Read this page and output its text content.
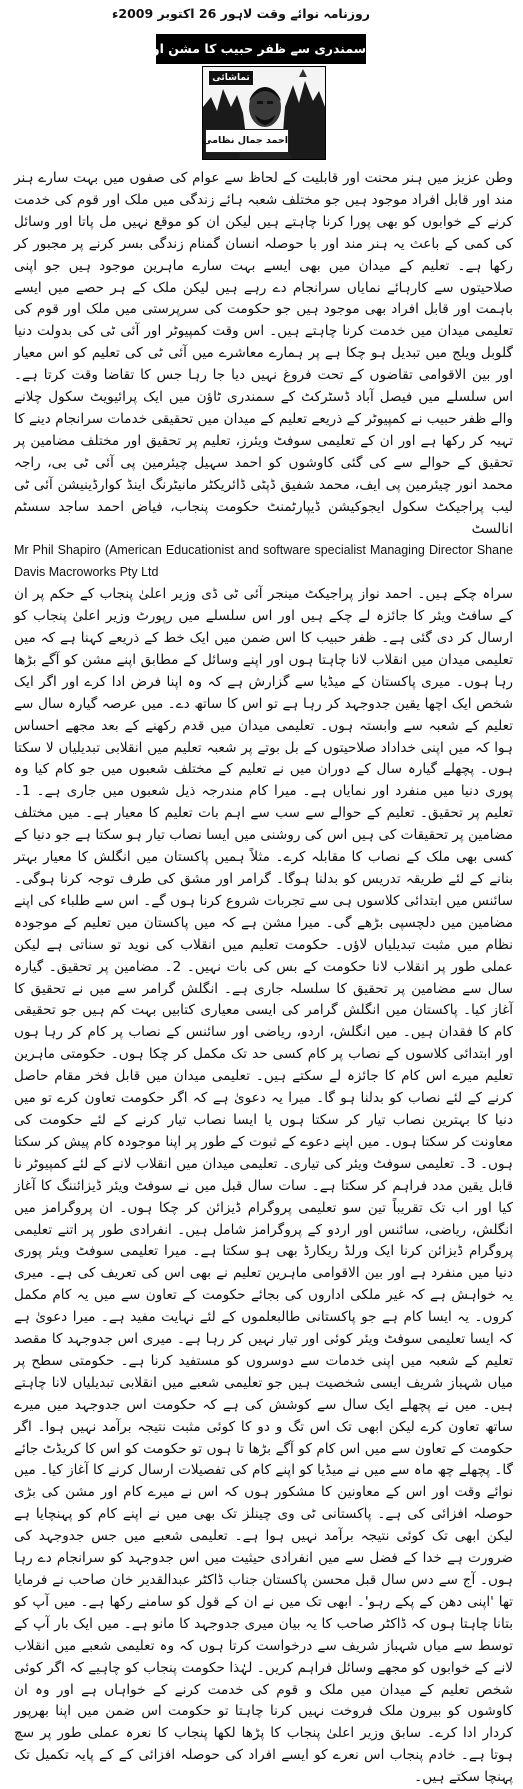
روزنامہ نوائے وقت لاہور 26 اکتوبر 2009ء
سمندری سے ظفر حبیب کا مشن اور حکومت پنجاب
تماشائی
احمد جمال نظامی

وطن عزیز میں ہنر محنت اور قابلیت کے لحاظ سے عوام کی صفوں میں بہت سارے ہنر مند اور قابل افراد موجود ہیں جو مختلف شعبہ ہائے زندگی میں ملک اور قوم کی خدمت کرنے کے خوابوں کو بھی پورا کرنا چاہتے ہیں لیکن ان کو موقع نہیں مل پاتا اور وسائل کی کمی کے باعث یہ ہنر مند اور با حوصلہ انسان گمنام زندگی بسر کرنے پر مجبور کر رکھا ہے۔ تعلیم کے میدان میں بھی ایسے بہت سارے ماہرین موجود ہیں جو اپنی صلاحیتوں سے کارہائے نمایاں سرانجام دے رہے ہیں لیکن ملک کے ہر حصے میں ایسے باہمت اور قابل افراد بھی موجود ہیں جو حکومت کی سرپرستی میں ملک اور قوم کی تعلیمی میدان میں خدمت کرنا چاہتے ہیں۔ اس وقت کمپیوٹر اور آئی ٹی کی بدولت دنیا گلوبل ویلج میں تبدیل ہو چکا ہے پر ہمارے معاشرے میں آئی ٹی کی تعلیم کو اس معیار اور بین الاقوامی تقاضوں کے تحت فروغ نہیں دیا جا رہا جس کا تقاضا وقت کرتا ہے۔ اس سلسلے میں فیصل آباد ڈسٹرکٹ کے سمندری ٹاؤن میں ایک پرائیویٹ سکول چلانے والے ظفر حبیب نے کمپیوٹر کے ذریعے تعلیم کے میدان میں تحقیقی خدمات سرانجام دینے کا تہیہ کر رکھا ہے اور ان کے تعلیمی سوفٹ ویئرز، تعلیم پر تحقیق اور مختلف مضامین پر تحقیق کے حوالے سے کی گئی کاوشوں کو احمد سہیل چیئرمین پی آئی ٹی بی، راجہ محمد انور چیئرمین پی ایف، محمد شفیق ڈپٹی ڈائریکٹر مانیٹرنگ اینڈ کوارڈینیشن آئی ٹی لیب پراجیکٹ سکول ایجوکیشن ڈیپارٹمنٹ حکومت پنجاب، فیاض احمد ساجد سسٹم انالسٹ

Mr Phil Shapiro (American Educationist and software specialist Managing Director Shane Davis Macroworks Pty Ltd

سراہ چکے ہیں۔ احمد نواز پراجیکٹ مینجر آئی ٹی ڈی وزیر اعلیٰ پنجاب کے حکم پر ان کے سافٹ ویئر کا جائزہ لے چکے ہیں اور اس سلسلے میں رپورٹ وزیر اعلیٰ پنجاب کو ارسال کر دی گئی ہے۔ ظفر حبیب کا اس ضمن میں ایک خط کے ذریعے کہنا ہے کہ میں تعلیمی میدان میں انقلاب لانا چاہتا ہوں اور اپنے وسائل کے مطابق اپنے مشن کو آگے بڑھا رہا ہوں۔ میری پاکستان کے میڈیا سے گزارش ہے کہ وہ اپنا فرض ادا کرے اور اگر ایک شخص ایک اچھا یقین جدوجہد کر رہا ہے تو اس کا ساتھ دے۔ میں عرصہ گیارہ سال سے تعلیم کے شعبہ سے وابستہ ہوں۔ تعلیمی میدان میں قدم رکھنے کے بعد مجھے احساس ہوا کہ میں اپنی خداداد صلاحیتوں کے بل بوتے پر شعبہ تعلیم میں انقلابی تبدیلیاں لا سکتا ہوں۔ پچھلے گیارہ سال کے دوران میں نے تعلیم کے مختلف شعبوں میں جو کام کیا وہ پوری دنیا میں منفرد اور نمایاں ہے۔ میرا کام مندرجہ ذیل شعبوں میں جاری ہے۔ 1۔ تعلیم پر تحقیق۔ تعلیم کے حوالے سے سب سے اہم بات تعلیم کا معیار ہے۔ میں مختلف مضامین پر تحقیقات کی ہیں اس کی روشنی میں ایسا نصاب تیار ہو سکتا ہے جو دنیا کے کسی بھی ملک کے نصاب کا مقابلہ کرے۔ مثلاً ہمیں پاکستان میں انگلش کا معیار بہتر بنانے کے لئے طریقہ تدریس کو بدلنا ہوگا۔ گرامر اور مشق کی طرف توجہ کرنا ہوگی۔ سائنس میں ابتدائی کلاسوں ہی سے تجربات شروع کرنا ہوں گے۔ اس سے طلباء کی اپنے مضامین میں دلچسپی بڑھے گی۔ میرا مشن ہے کہ میں پاکستان میں تعلیم کے موجودہ نظام میں مثبت تبدیلیاں لاؤں۔ حکومت تعلیم میں انقلاب کی نوید تو سناتی ہے لیکن عملی طور پر انقلاب لانا حکومت کے بس کی بات نہیں۔ 2۔ مضامین پر تحقیق۔ گیارہ سال سے مضامین پر تحقیق کا سلسلہ جاری ہے۔ انگلش گرامر سے میں نے تحقیق کا آغاز کیا۔ پاکستان میں انگلش گرامر کی ایسی معیاری کتابیں بہت کم ہیں جو تحقیقی کام کا فقدان ہیں۔ میں انگلش، اردو، ریاضی اور سائنس کے نصاب پر کام کر رہا ہوں اور ابتدائی کلاسوں کے نصاب پر کام کسی حد تک مکمل کر چکا ہوں۔ حکومتی ماہرین تعلیم میرے اس کام کا جائزہ لے سکتے ہیں۔ تعلیمی میدان میں قابل فخر مقام حاصل کرنے کے لئے نصاب کو بدلنا ہو گا۔ میرا یہ دعویٰ ہے کہ اگر حکومت تعاون کرے تو میں دنیا کا بہترین نصاب تیار کر سکتا ہوں یا ایسا نصاب تیار کرنے کے لئے حکومت کی معاونت کر سکتا ہوں۔ میں اپنے دعوے کے ثبوت کے طور پر اپنا موجودہ کام پیش کر سکتا ہوں۔ 3۔ تعلیمی سوفٹ ویئر کی تیاری۔ تعلیمی میدان میں انقلاب لانے کے لئے کمپیوٹر نا قابل یقین مدد فراہم کر سکتا ہے۔ سات سال قبل میں نے سوفٹ ویئر ڈیزائننگ کا آغاز کیا اور اب تک تقریباً تین سو تعلیمی پروگرام ڈیزائن کر چکا ہوں۔ ان پروگرامز میں انگلش، ریاضی، سائنس اور اردو کے پروگرامز شامل ہیں۔ انفرادی طور پر اتنے تعلیمی پروگرام ڈیزائن کرنا ایک ورلڈ ریکارڈ بھی ہو سکتا ہے۔ میرا تعلیمی سوفٹ ویئر پوری دنیا میں منفرد ہے اور بین الاقوامی ماہرین تعلیم نے بھی اس کی تعریف کی ہے۔ میری یہ خواہش ہے کہ غیر ملکی اداروں کی بجائے حکومت کے تعاون سے میں یہ کام مکمل کروں۔ یہ ایسا کام ہے جو پاکستانی طالبعلموں کے لئے نہایت مفید ہے۔ میرا دعویٰ ہے کہ ایسا تعلیمی سوفٹ ویئر کوئی اور تیار نہیں کر رہا ہے۔ میری اس جدوجہد کا مقصد تعلیم کے شعبہ میں اپنی خدمات سے دوسروں کو مستفید کرنا ہے۔ حکومتی سطح پر میاں شہباز شریف ایسی شخصیت ہیں جو تعلیمی شعبے میں انقلابی تبدیلیاں لانا چاہتے ہیں۔ میں نے پچھلے ایک سال سے کوشش کی ہے کہ حکومت اس جدوجہد میں میرے ساتھ تعاون کرے لیکن ابھی تک اس تگ و دو کا کوئی مثبت نتیجہ برآمد نہیں ہوا۔ اگر حکومت کے تعاون سے میں اس کام کو آگے بڑھا تا ہوں تو حکومت کو اس کا کریڈٹ جائے گا۔ پچھلے چھ ماہ سے میں نے میڈیا کو اپنے کام کی تفصیلات ارسال کرنے کا آغاز کیا۔ میں نوائے وقت اور اس کے معاونین کا مشکور ہوں کہ اس نے میرے کام اور مشن کی بڑی حوصلہ افزائی کی ہے۔ پاکستانی ٹی وی چینلز تک بھی میں نے اپنے کام کو پہنچایا ہے لیکن ابھی تک کوئی نتیجہ برآمد نہیں ہوا ہے۔ تعلیمی شعبے میں جس جدوجہد کی ضرورت ہے خدا کے فضل سے میں انفرادی حیثیت میں اس جدوجہد کو سرانجام دے رہا ہوں۔ آج سے دس سال قبل محسن پاکستان جناب ڈاکٹر عبدالقدیر خان صاحب نے فرمایا تھا 'اپنی دھن کے پکے رہو'۔ ابھی تک میں نے ان کے قول کو سامنے رکھا ہے۔ میں آپ کو بتانا چاہتا ہوں کہ ڈاکٹر صاحب کا یہ بیان میری جدوجہد کا مانو ہے۔ میں ایک بار آپ کے توسط سے میاں شہباز شریف سے درخواست کرتا ہوں کہ وہ تعلیمی شعبے میں انقلاب لانے کے خوابوں کو مجھے وسائل فراہم کریں۔ لہٰذا حکومت پنجاب کو چاہیے کہ اگر کوئی شخص تعلیم کے میدان میں ملک و قوم کی خدمت کرنے کے خواہاں ہے اور وہ ان کاوشوں کو بیرون ملک فروخت نہیں کرنا چاہتا تو حکومت اس ضمن میں اپنا بھرپور کردار ادا کرے۔ سابق وزیر اعلیٰ پنجاب کا پڑھا لکھا پنجاب کا نعرہ عملی طور پر سچ ہوتا ہے۔ خادم پنجاب اس نعرے کو ایسے افراد کی حوصلہ افزائی کے کے پایہ تکمیل تک پہنچا سکتے ہیں۔
